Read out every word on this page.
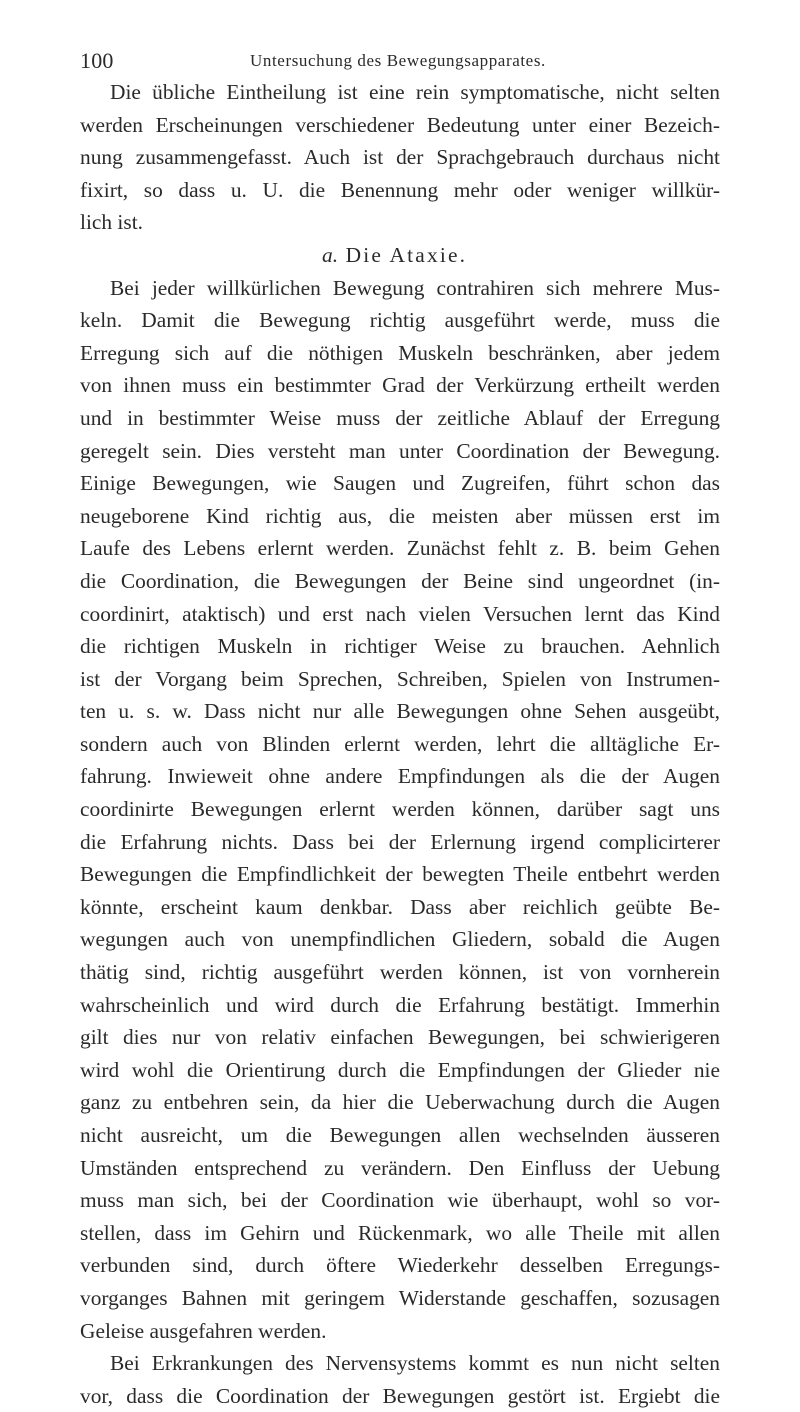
100	Untersuchung des Bewegungsapparates.
Die übliche Eintheilung ist eine rein symptomatische, nicht selten
werden Erscheinungen verschiedener Bedeutung unter einer Bezeich-
nung zusammengefasst. Auch ist der Sprachgebrauch durchaus nicht
fixirt, so dass u. U. die Benennung mehr oder weniger willkür-
lich ist.
a. Die Ataxie.
Bei jeder willkürlichen Bewegung contrahiren sich mehrere Mus-
keln. Damit die Bewegung richtig ausgeführt werde, muss die
Erregung sich auf die nöthigen Muskeln beschränken, aber jedem
von ihnen muss ein bestimmter Grad der Verkürzung ertheilt werden
und in bestimmter Weise muss der zeitliche Ablauf der Erregung
geregelt sein. Dies versteht man unter Coordination der Bewegung.
Einige Bewegungen, wie Saugen und Zugreifen, führt schon das
neugeborene Kind richtig aus, die meisten aber müssen erst im
Laufe des Lebens erlernt werden. Zunächst fehlt z. B. beim Gehen
die Coordination, die Bewegungen der Beine sind ungeordnet (in-
coordinirt, ataktisch) und erst nach vielen Versuchen lernt das Kind
die richtigen Muskeln in richtiger Weise zu brauchen. Aehnlich
ist der Vorgang beim Sprechen, Schreiben, Spielen von Instrumen-
ten u. s. w. Dass nicht nur alle Bewegungen ohne Sehen ausgeübt,
sondern auch von Blinden erlernt werden, lehrt die alltägliche Er-
fahrung. Inwieweit ohne andere Empfindungen als die der Augen
coordinirte Bewegungen erlernt werden können, darüber sagt uns
die Erfahrung nichts. Dass bei der Erlernung irgend complicirterer
Bewegungen die Empfindlichkeit der bewegten Theile entbehrt werden
könnte, erscheint kaum denkbar. Dass aber reichlich geübte Be-
wegungen auch von unempfindlichen Gliedern, sobald die Augen
thätig sind, richtig ausgeführt werden können, ist von vornherein
wahrscheinlich und wird durch die Erfahrung bestätigt. Immerhin
gilt dies nur von relativ einfachen Bewegungen, bei schwierigeren
wird wohl die Orientirung durch die Empfindungen der Glieder nie
ganz zu entbehren sein, da hier die Ueberwachung durch die Augen
nicht ausreicht, um die Bewegungen allen wechselnden äusseren
Umständen entsprechend zu verändern. Den Einfluss der Uebung
muss man sich, bei der Coordination wie überhaupt, wohl so vor-
stellen, dass im Gehirn und Rückenmark, wo alle Theile mit allen
verbunden sind, durch öftere Wiederkehr desselben Erregungs-
vorganges Bahnen mit geringem Widerstande geschaffen, sozusagen
Geleise ausgefahren werden.
Bei Erkrankungen des Nervensystems kommt es nun nicht selten
vor, dass die Coordination der Bewegungen gestört ist. Ergiebt die
